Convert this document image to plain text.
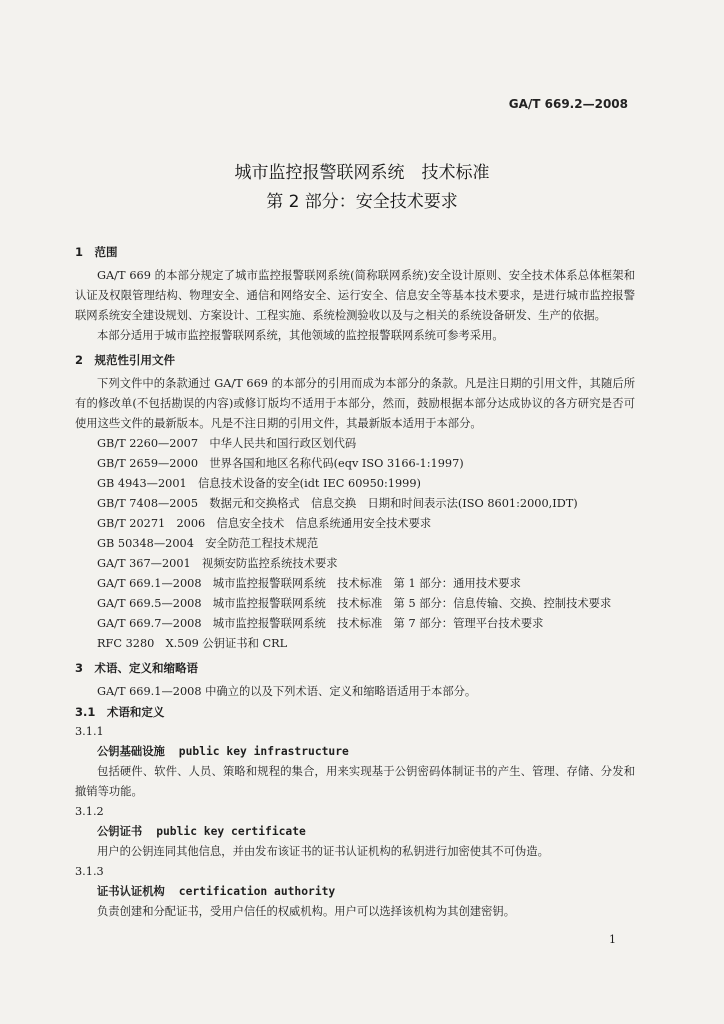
GA/T 669.2—2008
城市监控报警联网系统　技术标准
第 2 部分：安全技术要求
1　范围
GA/T 669 的本部分规定了城市监控报警联网系统(简称联网系统)安全设计原则、安全技术体系总体框架和认证及权限管理结构、物理安全、通信和网络安全、运行安全、信息安全等基本技术要求，是进行城市监控报警联网系统安全建设规划、方案设计、工程实施、系统检测验收以及与之相关的系统设备研发、生产的依据。
本部分适用于城市监控报警联网系统，其他领域的监控报警联网系统可参考采用。
2　规范性引用文件
下列文件中的条款通过 GA/T 669 的本部分的引用而成为本部分的条款。凡是注日期的引用文件，其随后所有的修改单(不包括勘误的内容)或修订版均不适用于本部分，然而，鼓励根据本部分达成协议的各方研究是否可使用这些文件的最新版本。凡是不注日期的引用文件，其最新版本适用于本部分。
GB/T 2260—2007　中华人民共和国行政区划代码
GB/T 2659—2000　世界各国和地区名称代码(eqv ISO 3166-1:1997)
GB 4943—2001　信息技术设备的安全(idt IEC 60950:1999)
GB/T 7408—2005　数据元和交换格式　信息交换　日期和时间表示法(ISO 8601:2000,IDT)
GB/T 20271　2006　信息安全技术　信息系统通用安全技术要求
GB 50348—2004　安全防范工程技术规范
GA/T 367—2001　视频安防监控系统技术要求
GA/T 669.1—2008　城市监控报警联网系统　技术标准　第 1 部分：通用技术要求
GA/T 669.5—2008　城市监控报警联网系统　技术标准　第 5 部分：信息传输、交换、控制技术要求
GA/T 669.7—2008　城市监控报警联网系统　技术标准　第 7 部分：管理平台技术要求
RFC 3280　X.509 公钥证书和 CRL
3　术语、定义和缩略语
GA/T 669.1—2008 中确立的以及下列术语、定义和缩略语适用于本部分。
3.1　术语和定义
3.1.1
公钥基础设施 public key infrastructure
包括硬件、软件、人员、策略和规程的集合，用来实现基于公钥密码体制证书的产生、管理、存储、分发和撤销等功能。
3.1.2
公钥证书 public key certificate
用户的公钥连同其他信息，并由发布该证书的证书认证机构的私钥进行加密使其不可伪造。
3.1.3
证书认证机构 certification authority
负责创建和分配证书，受用户信任的权威机构。用户可以选择该机构为其创建密钥。
1
